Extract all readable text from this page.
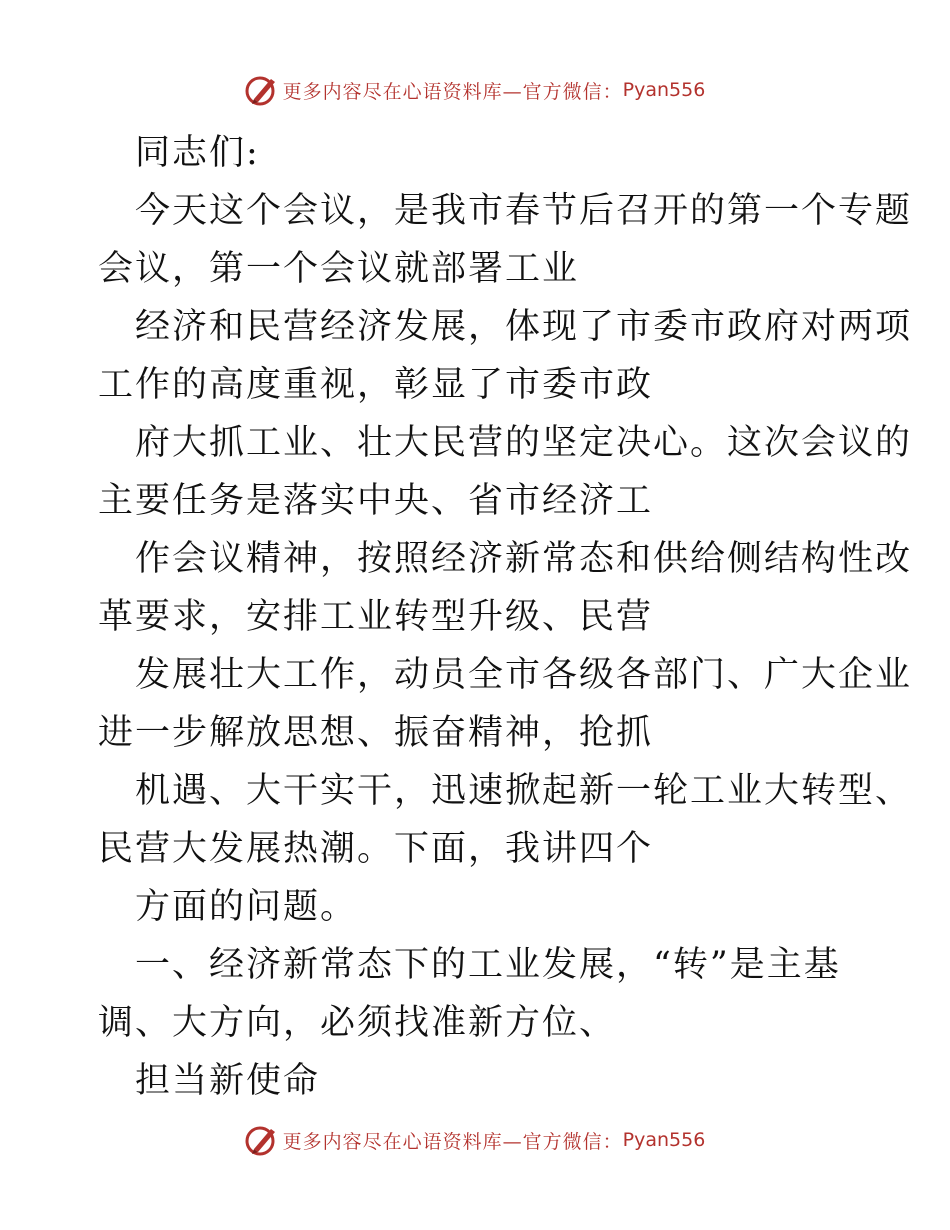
更多内容尽在心语资料库—官方微信： Pyan556
同志们:
今天这个会议，是我市春节后召开的第一个专题
会议，第一个会议就部署工业
经济和民营经济发展，体现了市委市政府对两项
工作的高度重视，彰显了市委市政
府大抓工业、壮大民营的坚定决心。这次会议的
主要任务是落实中央、省市经济工
作会议精神，按照经济新常态和供给侧结构性改
革要求，安排工业转型升级、民营
发展壮大工作，动员全市各级各部门、广大企业
进一步解放思想、振奋精神，抢抓
机遇、大干实干，迅速掀起新一轮工业大转型、
民营大发展热潮。下面，我讲四个
方面的问题。
一、经济新常态下的工业发展，“转”是主基
调、大方向，必须找准新方位、
担当新使命
更多内容尽在心语资料库—官方微信： Pyan556
